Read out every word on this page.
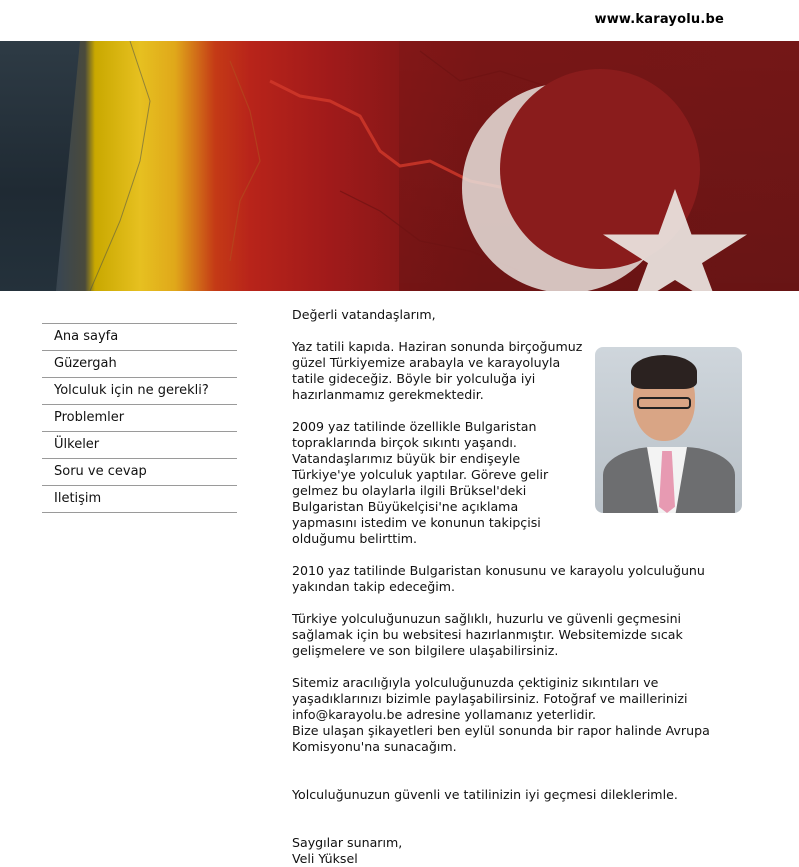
www.karayolu.be
Ana sayfa
Güzergah
Yolculuk için ne gerekli?
Problemler
Ülkeler
Soru ve cevap
Iletişim

Değerli vatandaşlarım,

Yaz tatili kapıda. Haziran sonunda birçoğumuz güzel Türkiyemize arabayla ve karayoluyla tatile gideceğiz. Böyle bir yolculuğa iyi hazırlanmamız gerekmektedir.

2009 yaz tatilinde özellikle Bulgaristan topraklarında birçok sıkıntı yaşandı. Vatandaşlarımız büyük bir endişeyle Türkiye'ye yolculuk yaptılar. Göreve gelir gelmez bu olaylarla ilgili Brüksel'deki Bulgaristan Büyükelçisi'ne açıklama yapmasını istedim ve konunun takipçisi olduğumu belirttim.

2010 yaz tatilinde Bulgaristan konusunu ve karayolu yolculuğunu yakından takip edeceğim.

Türkiye yolculuğunuzun sağlıklı, huzurlu ve güvenli geçmesini sağlamak için bu websitesi hazırlanmıştır. Websitemizde sıcak gelişmelere ve son bilgilere ulaşabilirsiniz.

Sitemiz aracılığıyla yolculuğunuzda çektiginiz sıkıntıları ve yaşadıklarınızı bizimle paylaşabilirsiniz. Fotoğraf ve maillerinizi info@karayolu.be adresine yollamanız yeterlidir.

Bize ulaşan şikayetleri ben eylül sonunda bir rapor halinde Avrupa Komisyonu'na sunacağım.

Yolculuğunuzun güvenli ve tatilinizin iyi geçmesi dileklerimle.

Saygılar sunarım,

Veli Yüksel
